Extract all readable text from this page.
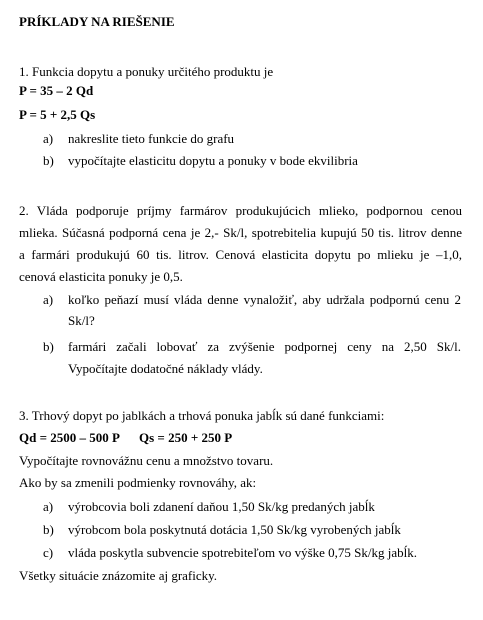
PRÍKLADY NA RIEŠENIE
1. Funkcia dopytu a ponuky určitého produktu je
P = 35 – 2 Qd
P = 5 + 2,5 Qs
a) nakreslite tieto funkcie do grafu
b) vypočítajte elasticitu dopytu a ponuky v bode ekvilibria
2. Vláda podporuje príjmy farmárov produkujúcich mlieko, podpornou cenou
mlieka. Súčasná podporná cena je 2,- Sk/l, spotrebitelia kupujú 50 tis. litrov denne
a farmári produkujú 60 tis. litrov. Cenová elasticita dopytu po mlieku je –1,0,
cenová elasticita ponuky je 0,5.
a) koľko peňazí musí vláda denne vynaložiť, aby udržala podpornú cenu 2
Sk/l?
b) farmári začali lobovať za zvýšenie podpornej ceny na 2,50 Sk/l.
Vypočítajte dodatočné náklady vlády.
3. Trhový dopyt po jablkách a trhová ponuka jabĺk sú dané funkciami:
Qd = 2500 – 500 P Qs = 250 + 250 P
Vypočítajte rovnovážnu cenu a množstvo tovaru.
Ako by sa zmenili podmienky rovnováhy, ak:
a) výrobcovia boli zdanení daňou 1,50 Sk/kg predaných jabĺk
b) výrobcom bola poskytnutá dotácia 1,50 Sk/kg vyrobených jabĺk
c) vláda poskytla subvencie spotrebiteľom vo výške 0,75 Sk/kg jabĺk.
Všetky situácie znázomite aj graficky.
